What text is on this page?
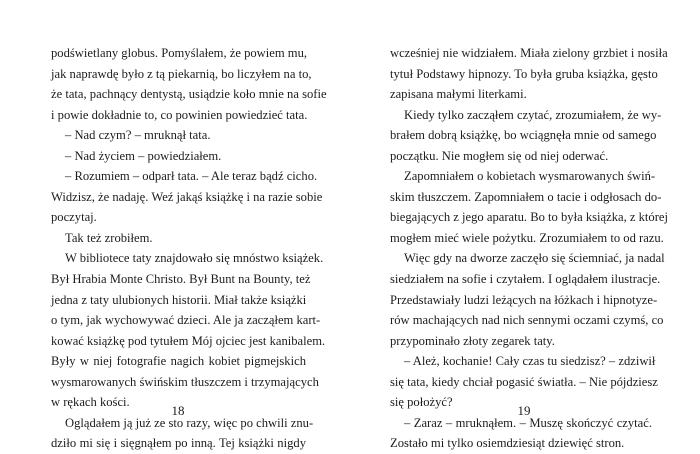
podświetlany globus. Pomyślałem, że powiem mu,
jak naprawdę było z tą piekarnią, bo liczyłem na to,
że tata, pachnący dentystą, usiądzie koło mnie na sofie
i powie dokładnie to, co powinien powiedzieć tata.
– Nad czym? – mruknął tata.
– Nad życiem – powiedziałem.
– Rozumiem – odparł tata. – Ale teraz bądź cicho.
Widzisz, że nadaję. Weź jakąś książkę i na razie sobie
poczytaj.
Tak też zrobiłem.
W bibliotece taty znajdowało się mnóstwo książek.
Był Hrabia Monte Christo. Był Bunt na Bounty, też
jedna z taty ulubionych historii. Miał także książki
o tym, jak wychowywać dzieci. Ale ja zacząłem kart-
kować książkę pod tytułem Mój ojciec jest kanibalem.
Były w niej fotografie nagich kobiet pigmejskich
wysmarowanych świńskim tłuszczem i trzymających
w rękach kości.
Oglądałem ją już ze sto razy, więc po chwili znu-
dziło mi się i sięgnąłem po inną. Tej książki nigdy
18
wcześniej nie widziałem. Miała zielony grzbiet i nosiła
tytuł Podstawy hipnozy. To była gruba książka, gęsto
zapisana małymi literkami.
Kiedy tylko zacząłem czytać, zrozumiałem, że wy-
brałem dobrą książkę, bo wciągnęła mnie od samego
początku. Nie mogłem się od niej oderwać.
Zapomniałem o kobietach wysmarowanych świń-
skim tłuszczem. Zapomniałem o tacie i odgłosach do-
biegających z jego aparatu. Bo to była książka, z której
mogłem mieć wiele pożytku. Zrozumiałem to od razu.
Więc gdy na dworze zaczęło się ściemniać, ja nadal
siedziałem na sofie i czytałem. I oglądałem ilustracje.
Przedstawiały ludzi leżących na łóżkach i hipnotyze-
rów machających nad nich sennymi oczami czymś, co
przypominało złoty zegarek taty.
– Ależ, kochanie! Cały czas tu siedzisz? – zdziwił
się tata, kiedy chciał pogasić światła. – Nie pójdziesz
się położyć?
– Zaraz – mruknąłem. – Muszę skończyć czytać.
Zostało mi tylko osiemdziesiąt dziewięć stron.
19
